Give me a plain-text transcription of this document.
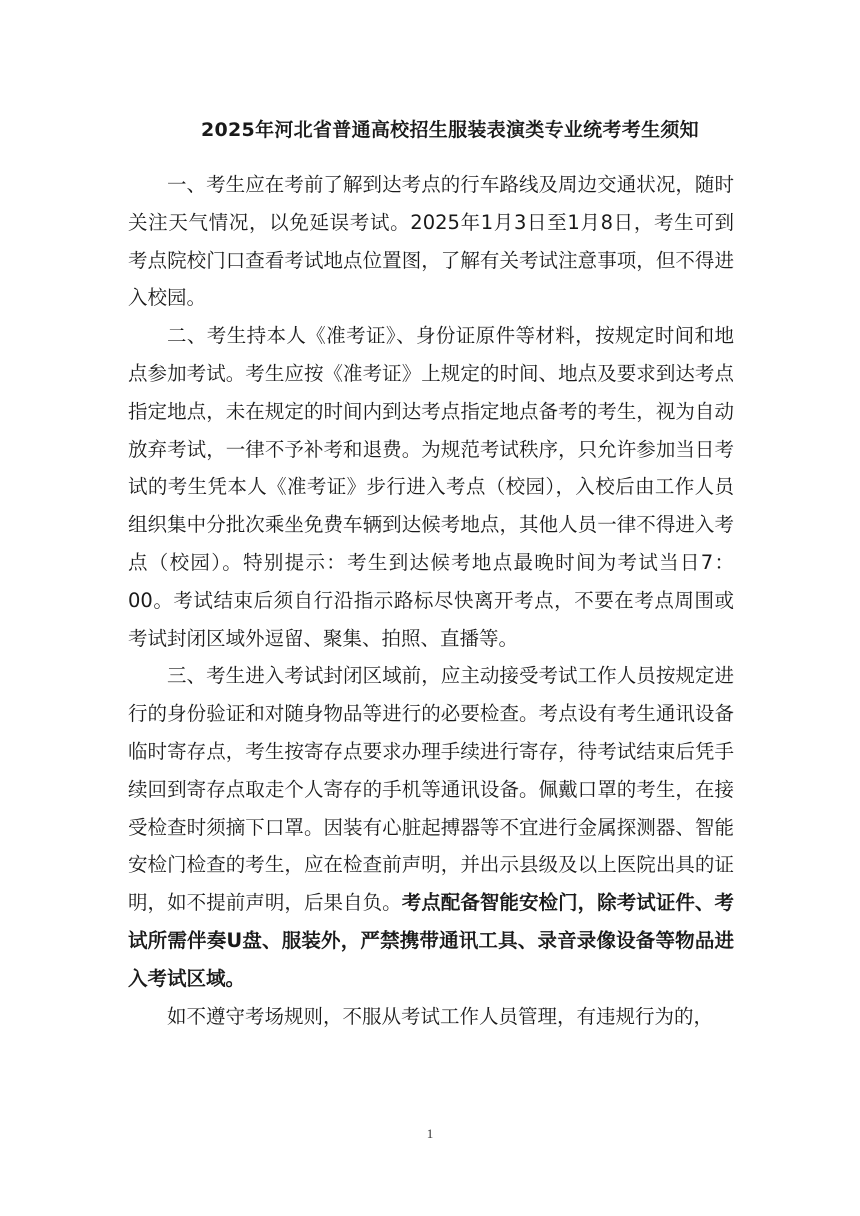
2025年河北省普通高校招生服装表演类专业统考考生须知

一、考生应在考前了解到达考点的行车路线及周边交通状况，随时关注天气情况，以免延误考试。2025年1月3日至1月8日，考生可到考点院校门口查看考试地点位置图，了解有关考试注意事项，但不得进入校园。

二、考生持本人《准考证》、身份证原件等材料，按规定时间和地点参加考试。考生应按《准考证》上规定的时间、地点及要求到达考点指定地点，未在规定的时间内到达考点指定地点备考的考生，视为自动放弃考试，一律不予补考和退费。为规范考试秩序，只允许参加当日考试的考生凭本人《准考证》步行进入考点（校园），入校后由工作人员组织集中分批次乘坐免费车辆到达候考地点，其他人员一律不得进入考点（校园）。特别提示：考生到达候考地点最晚时间为考试当日7：00。考试结束后须自行沿指示路标尽快离开考点，不要在考点周围或考试封闭区域外逗留、聚集、拍照、直播等。

三、考生进入考试封闭区域前，应主动接受考试工作人员按规定进行的身份验证和对随身物品等进行的必要检查。考点设有考生通讯设备临时寄存点，考生按寄存点要求办理手续进行寄存，待考试结束后凭手续回到寄存点取走个人寄存的手机等通讯设备。佩戴口罩的考生，在接受检查时须摘下口罩。因装有心脏起搏器等不宜进行金属探测器、智能安检门检查的考生，应在检查前声明，并出示县级及以上医院出具的证明，如不提前声明，后果自负。考点配备智能安检门，除考试证件、考试所需伴奏U盘、服装外，严禁携带通讯工具、录音录像设备等物品进入考试区域。

如不遵守考场规则，不服从考试工作人员管理，有违规行为的，

1
